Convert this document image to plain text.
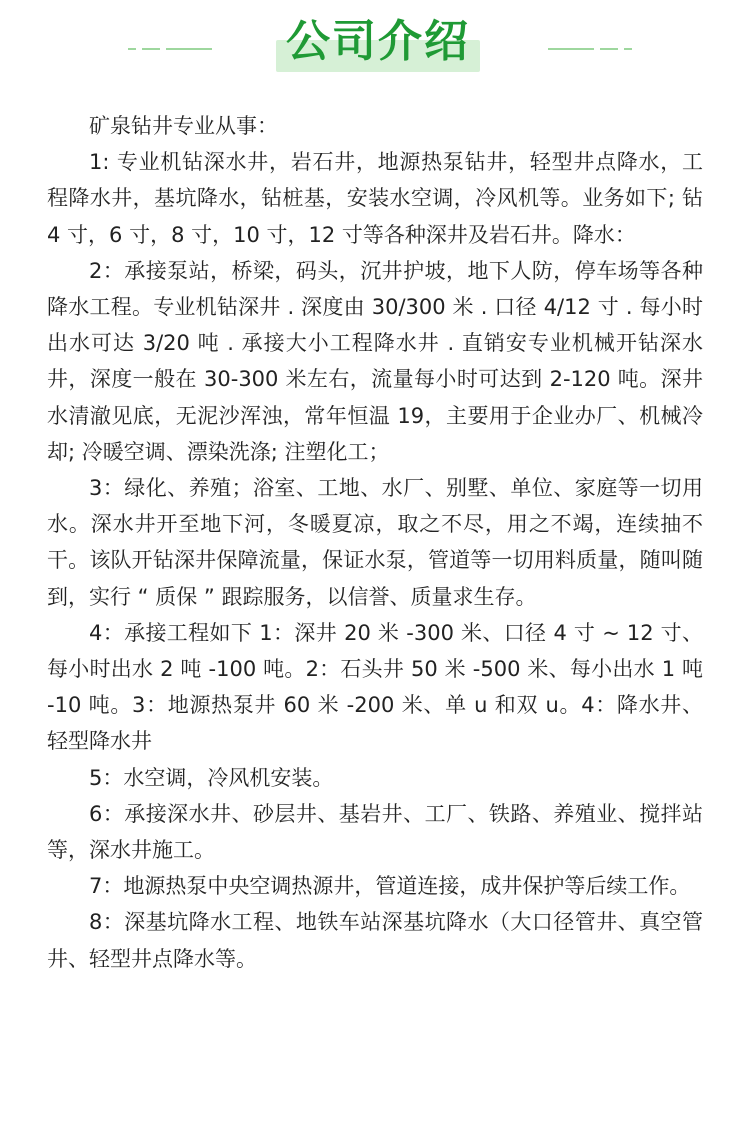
公司介绍

矿泉钻井专业从事：

1: 专业机钻深水井，岩石井，地源热泵钻井，轻型井点降水，工程降水井，基坑降水，钻桩基，安装水空调，冷风机等。业务如下; 钻 4 寸，6 寸，8 寸，10 寸，12 寸等各种深井及岩石井。降水：

2：承接泵站，桥梁，码头，沉井护坡，地下人防，停车场等各种降水工程。专业机钻深井 . 深度由 30/300 米 . 口径 4/12 寸 . 每小时出水可达 3/20 吨 . 承接大小工程降水井 . 直销安专业机械开钻深水井，深度一般在 30-300 米左右，流量每小时可达到 2-120 吨。深井水清澈见底，无泥沙浑浊，常年恒温 19，主要用于企业办厂、机械冷却; 冷暖空调、漂染洗涤; 注塑化工；

3：绿化、养殖；浴室、工地、水厂、别墅、单位、家庭等一切用水。深水井开至地下河，冬暖夏凉，取之不尽，用之不竭，连续抽不干。该队开钻深井保障流量，保证水泵，管道等一切用料质量，随叫随到，实行 “ 质保 ” 跟踪服务，以信誉、质量求生存。

4：承接工程如下 1：深井 20 米 -300 米、口径 4 寸 ~ 12 寸、每小时出水 2 吨 -100 吨。2：石头井 50 米 -500 米、每小出水 1 吨 -10 吨。3：地源热泵井 60 米 -200 米、单 u 和双 u。4：降水井、轻型降水井

5：水空调，冷风机安装。

6：承接深水井、砂层井、基岩井、工厂、铁路、养殖业、搅拌站等，深水井施工。

7：地源热泵中央空调热源井，管道连接，成井保护等后续工作。

8：深基坑降水工程、地铁车站深基坑降水（大口径管井、真空管井、轻型井点降水等。
